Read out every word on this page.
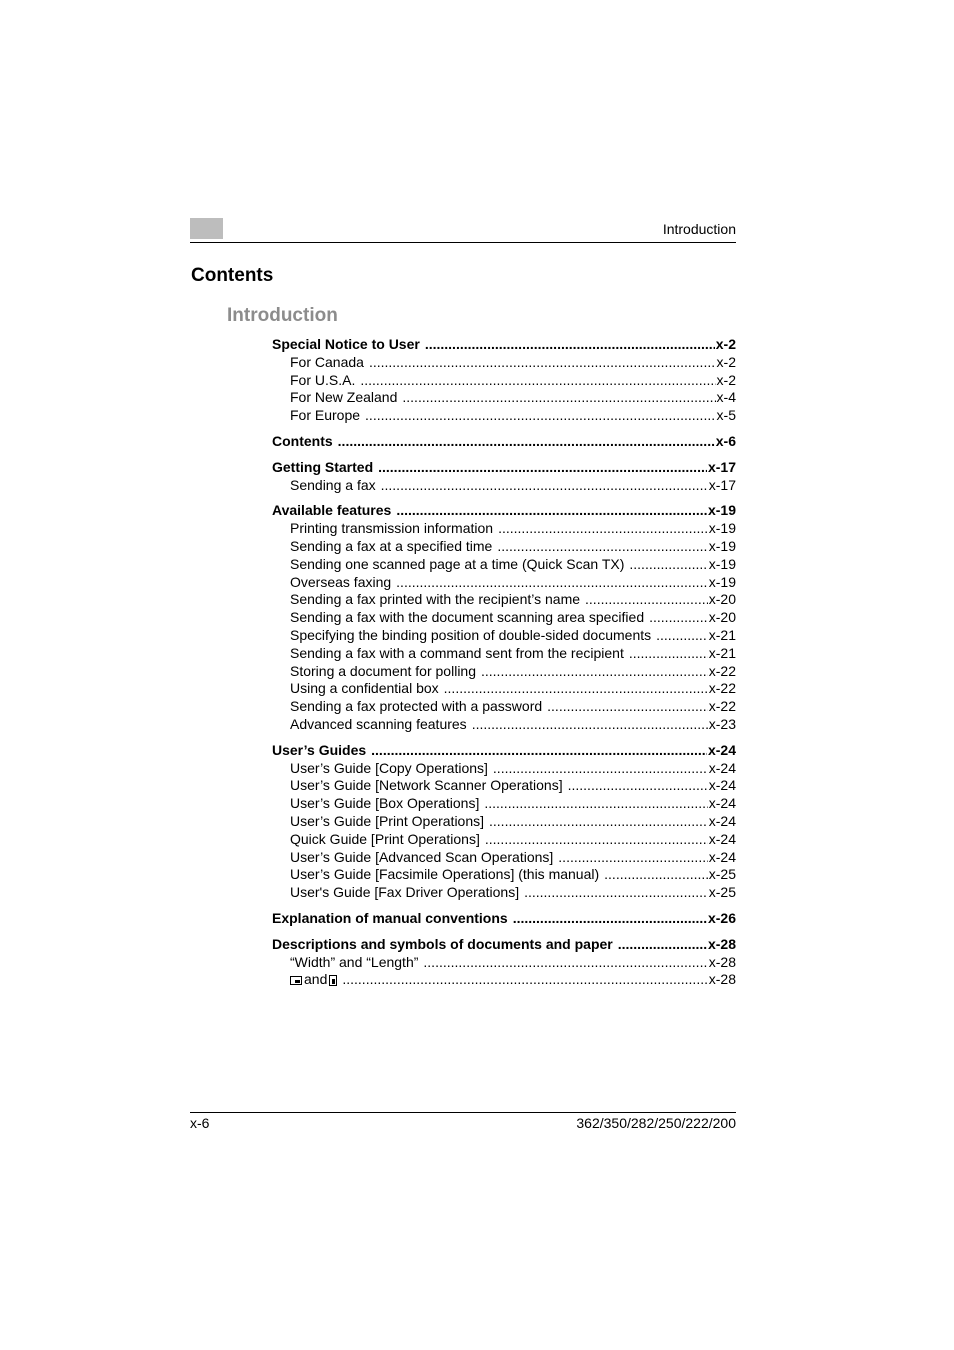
Introduction
Contents
Introduction
Special Notice to User .....	x-2
For Canada .....	x-2
For U.S.A. .....	x-2
For New Zealand .....	x-4
For Europe .....	x-5
Contents .....	x-6
Getting Started .....	x-17
Sending a fax .....	x-17
Available features .....	x-19
Printing transmission information .....	x-19
Sending a fax at a specified time .....	x-19
Sending one scanned page at a time (Quick Scan TX) .....	x-19
Overseas faxing .....	x-19
Sending a fax printed with the recipient’s name .....	x-20
Sending a fax with the document scanning area specified .....	x-20
Specifying the binding position of double-sided documents .....	x-21
Sending a fax with a command sent from the recipient .....	x-21
Storing a document for polling .....	x-22
Using a confidential box .....	x-22
Sending a fax protected with a password .....	x-22
Advanced scanning features .....	x-23
User’s Guides .....	x-24
User’s Guide [Copy Operations] .....	x-24
User’s Guide [Network Scanner Operations] .....	x-24
User’s Guide [Box Operations] .....	x-24
User’s Guide [Print Operations] .....	x-24
Quick Guide [Print Operations] .....	x-24
User’s Guide [Advanced Scan Operations] .....	x-24
User’s Guide [Facsimile Operations] (this manual) .....	x-25
User's Guide [Fax Driver Operations] .....	x-25
Explanation of manual conventions .....	x-26
Descriptions and symbols of documents and paper .....	x-28
“Width” and “Length” .....	x-28
and .....	x-28
x-6	362/350/282/250/222/200
